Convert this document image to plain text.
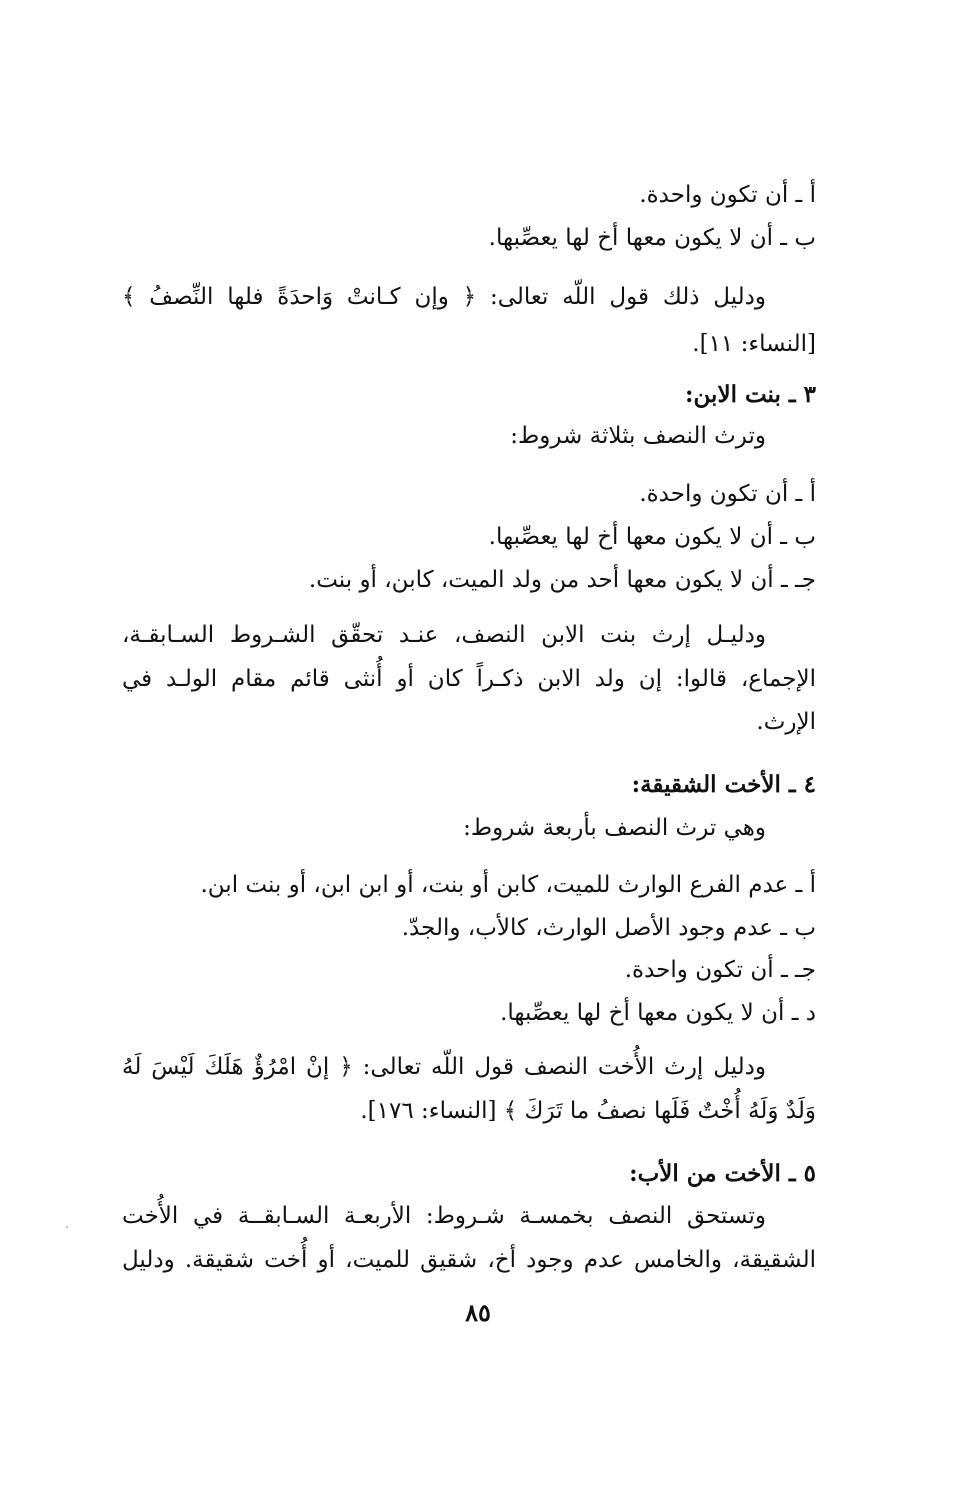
أ ـ أن تكون واحدة.
ب ـ أن لا يكون معها أخ لها يعصِّبها.
ودليل ذلك قول اللّه تعالى: ﴿ وإن كـانتْ وَاحدَةً فلها النِّصفُ ﴾
[النساء: ١١].
٣ ـ بنت الابن:
وترث النصف بثلاثة شروط:
أ ـ أن تكون واحدة.
ب ـ أن لا يكون معها أخ لها يعصِّبها.
جـ ـ أن لا يكون معها أحد من ولد الميت، كابن، أو بنت.
ودليـل إرث بنت الابن النصف، عنـد تحقّق الشـروط السـابقـة،
الإجماع، قالوا: إن ولد الابن ذكـراً كان أو أُنثى قائم مقام الولـد في
الإرث.
٤ ـ الأخت الشقيقة:
وهي ترث النصف بأربعة شروط:
أ ـ عدم الفرع الوارث للميت، كابن أو بنت، أو ابن ابن، أو بنت ابن.
ب ـ عدم وجود الأصل الوارث، كالأب، والجدّ.
جـ ـ أن تكون واحدة.
د ـ أن لا يكون معها أخ لها يعصِّبها.
ودليل إرث الأُخت النصف قول اللّه تعالى: ﴿ إنْ امْرُؤٌ هَلَكَ لَيْسَ لَهُ
وَلَدٌ وَلَهُ أُخْتٌ فَلَها نصفُ ما تَرَكَ ﴾ [النساء: ١٧٦].
٥ ـ الأخت من الأب:
وتستحق النصف بخمسـة شـروط: الأربعـة السـابقــة في الأُخت
الشقيقة، والخامس عدم وجود أخ، شقيق للميت، أو أُخت شقيقة. ودليل
٨٥
